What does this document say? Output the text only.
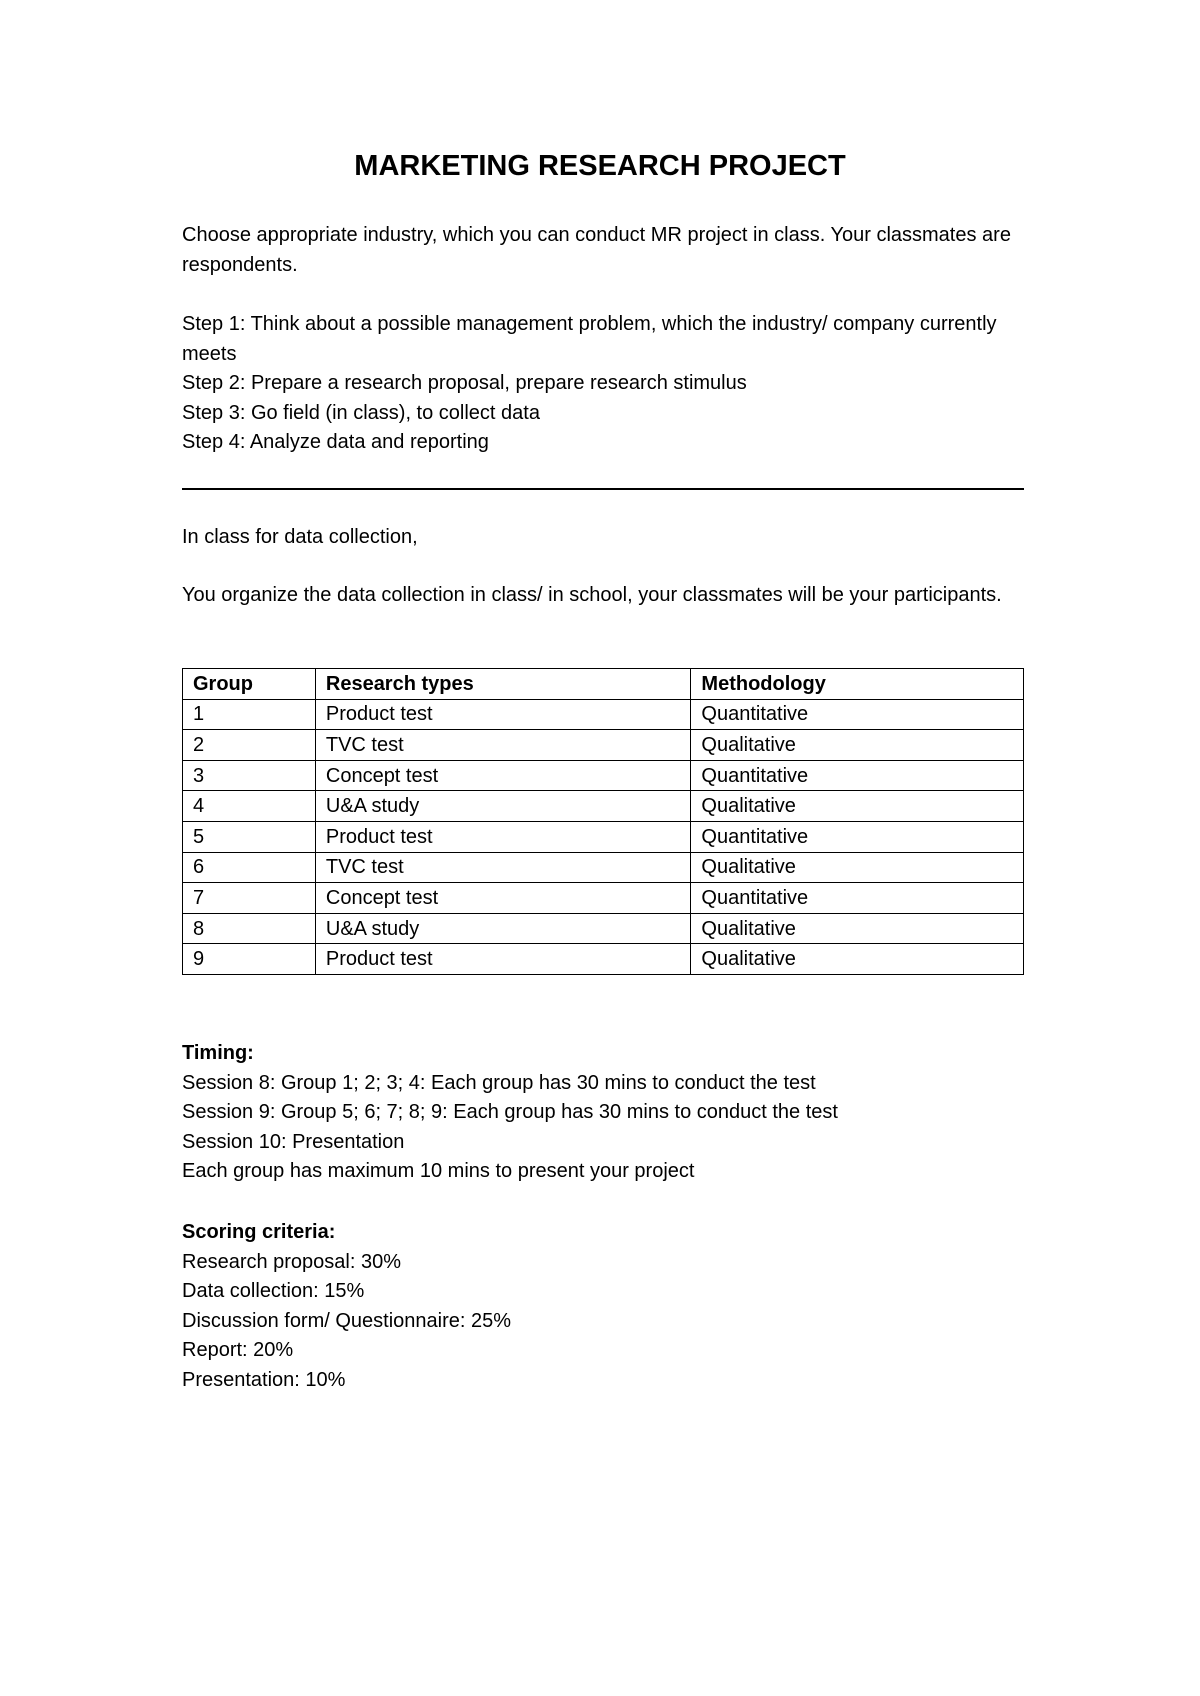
MARKETING RESEARCH PROJECT

Choose appropriate industry, which you can conduct MR project in class. Your classmates are respondents.

Step 1: Think about a possible management problem, which the industry/ company currently meets

Step 2: Prepare a research proposal, prepare research stimulus

Step 3: Go field (in class), to collect data

Step 4: Analyze data and reporting

In class for data collection,

You organize the data collection in class/ in school, your classmates will be your participants.

Group	Research types	Methodology
1	Product test	Quantitative
2	TVC test	Qualitative
3	Concept test	Quantitative
4	U&A study	Qualitative
5	Product test	Quantitative
6	TVC test	Qualitative
7	Concept test	Quantitative
8	U&A study	Qualitative
9	Product test	Qualitative

Timing:

Session 8: Group 1; 2; 3; 4: Each group has 30 mins to conduct the test

Session 9: Group 5; 6; 7; 8; 9: Each group has 30 mins to conduct the test

Session 10: Presentation

Each group has maximum 10 mins to present your project

Scoring criteria:

Research proposal: 30%

Data collection: 15%

Discussion form/ Questionnaire: 25%

Report: 20%

Presentation: 10%
